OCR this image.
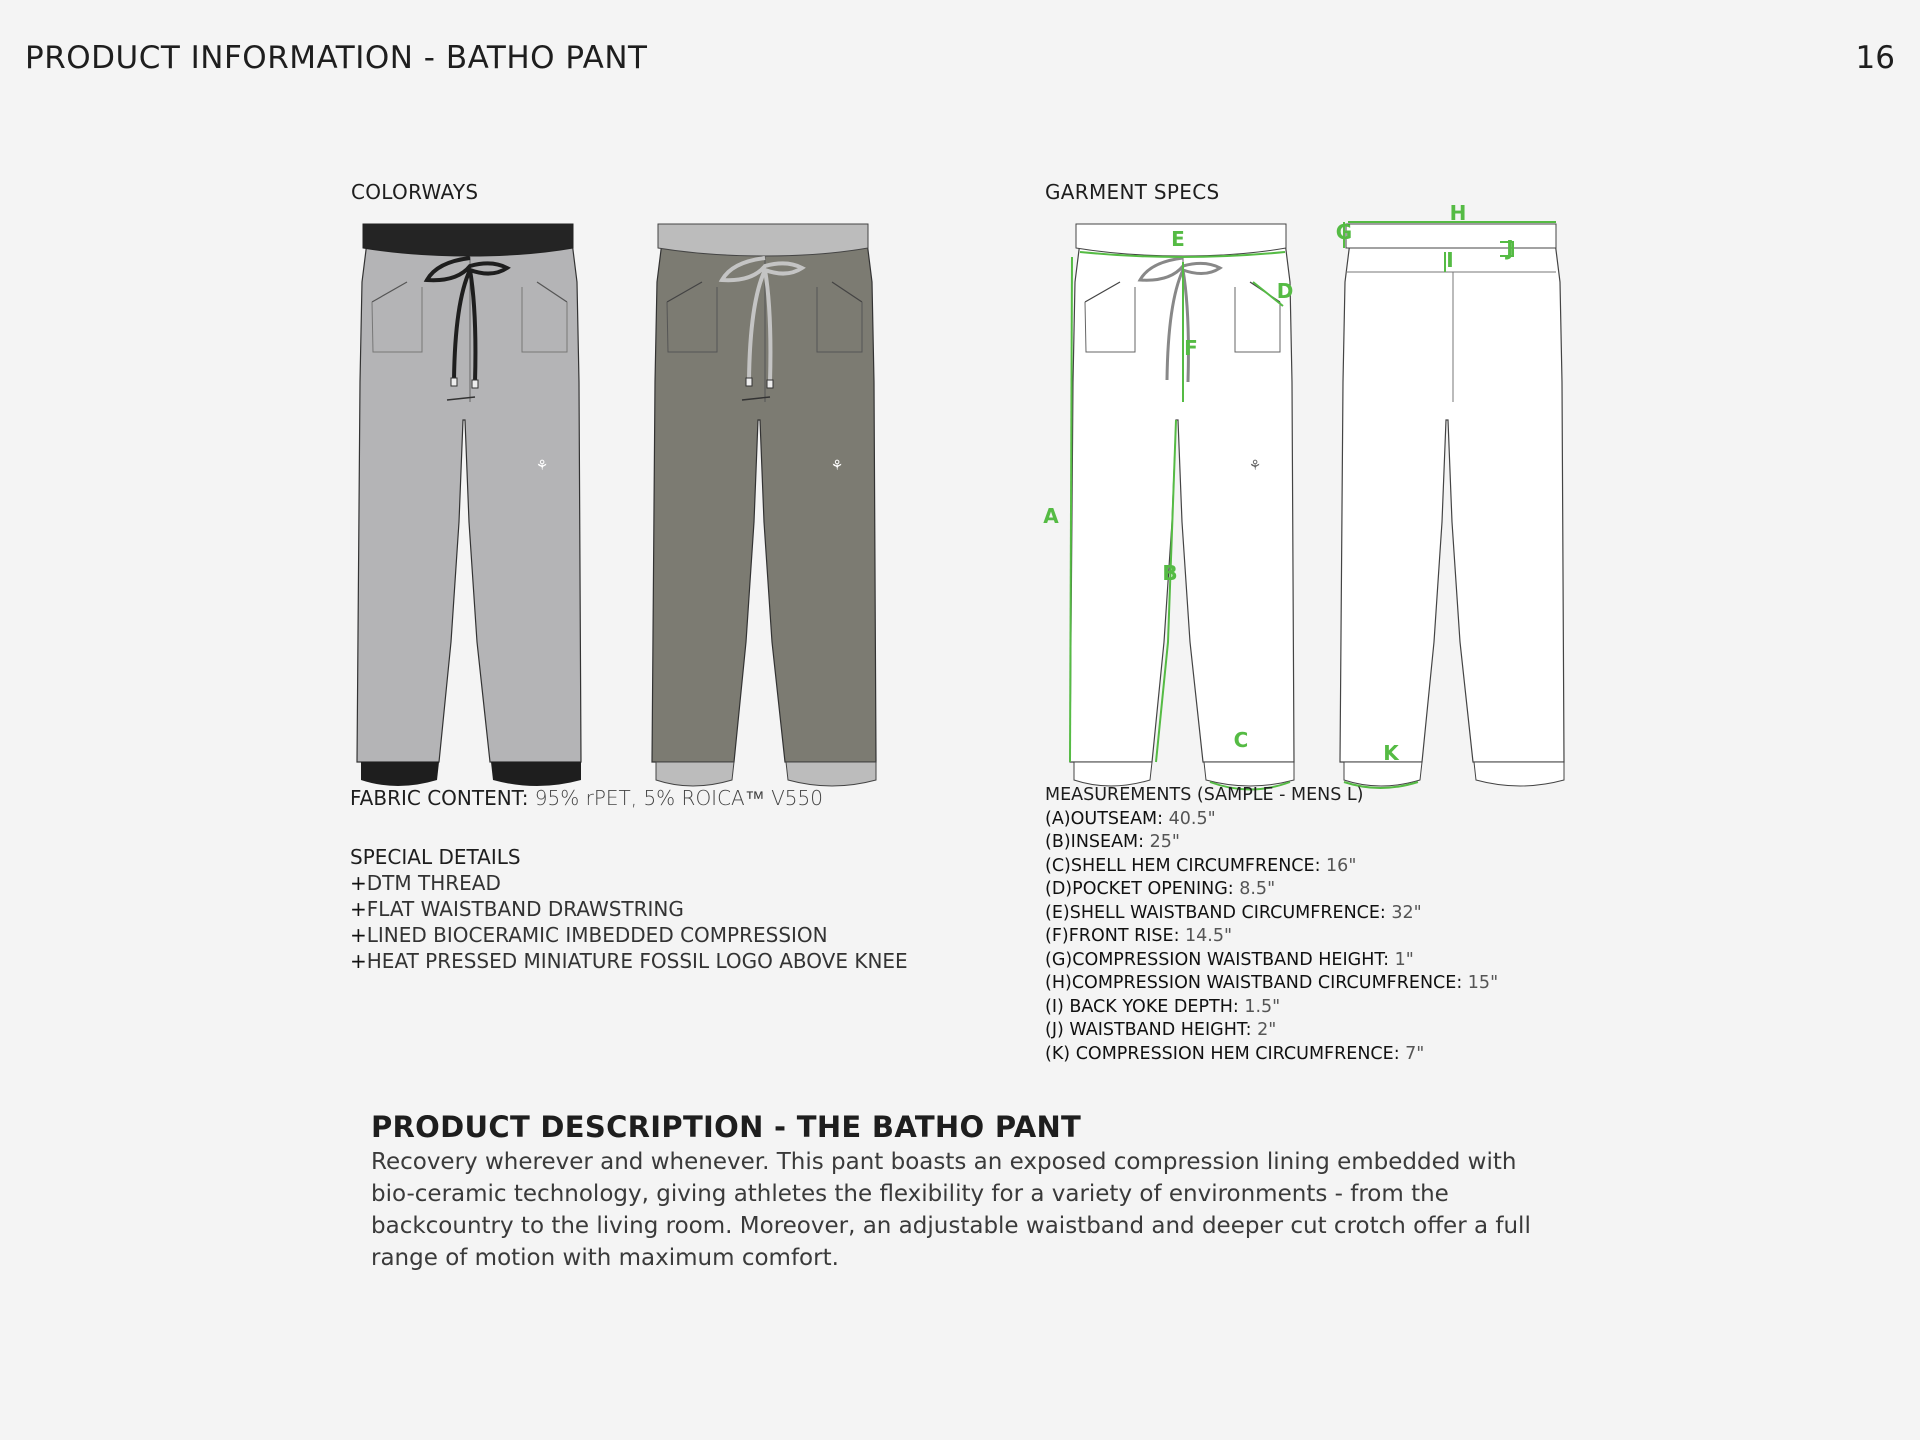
PRODUCT INFORMATION - BATHO PANT	16
COLORWAYS	GARMENT SPECS
⚘	⚘	⚘
A
B
C
D
E
F
G
H
I	J
K
FABRIC CONTENT: 95% rPET, 5% ROICA™ V550
SPECIAL DETAILS
+DTM THREAD
+FLAT WAISTBAND DRAWSTRING
+LINED BIOCERAMIC IMBEDDED COMPRESSION
+HEAT PRESSED MINIATURE FOSSIL LOGO ABOVE KNEE
MEASUREMENTS (SAMPLE - MENS L)
(A)OUTSEAM: 40.5"
(B)INSEAM: 25"
(C)SHELL HEM CIRCUMFRENCE: 16"
(D)POCKET OPENING: 8.5"
(E)SHELL WAISTBAND CIRCUMFRENCE: 32"
(F)FRONT RISE: 14.5"
(G)COMPRESSION WAISTBAND HEIGHT: 1"
(H)COMPRESSION WAISTBAND CIRCUMFRENCE: 15"
(I) BACK YOKE DEPTH: 1.5"
(J) WAISTBAND HEIGHT: 2"
(K) COMPRESSION HEM CIRCUMFRENCE: 7"
PRODUCT DESCRIPTION - THE BATHO PANT
Recovery wherever and whenever. This pant boasts an exposed compression lining embedded with bio-ceramic technology, giving athletes the flexibility for a variety of environments - from the backcountry to the living room. Moreover, an adjustable waistband and deeper cut crotch offer a full range of motion with maximum comfort.
